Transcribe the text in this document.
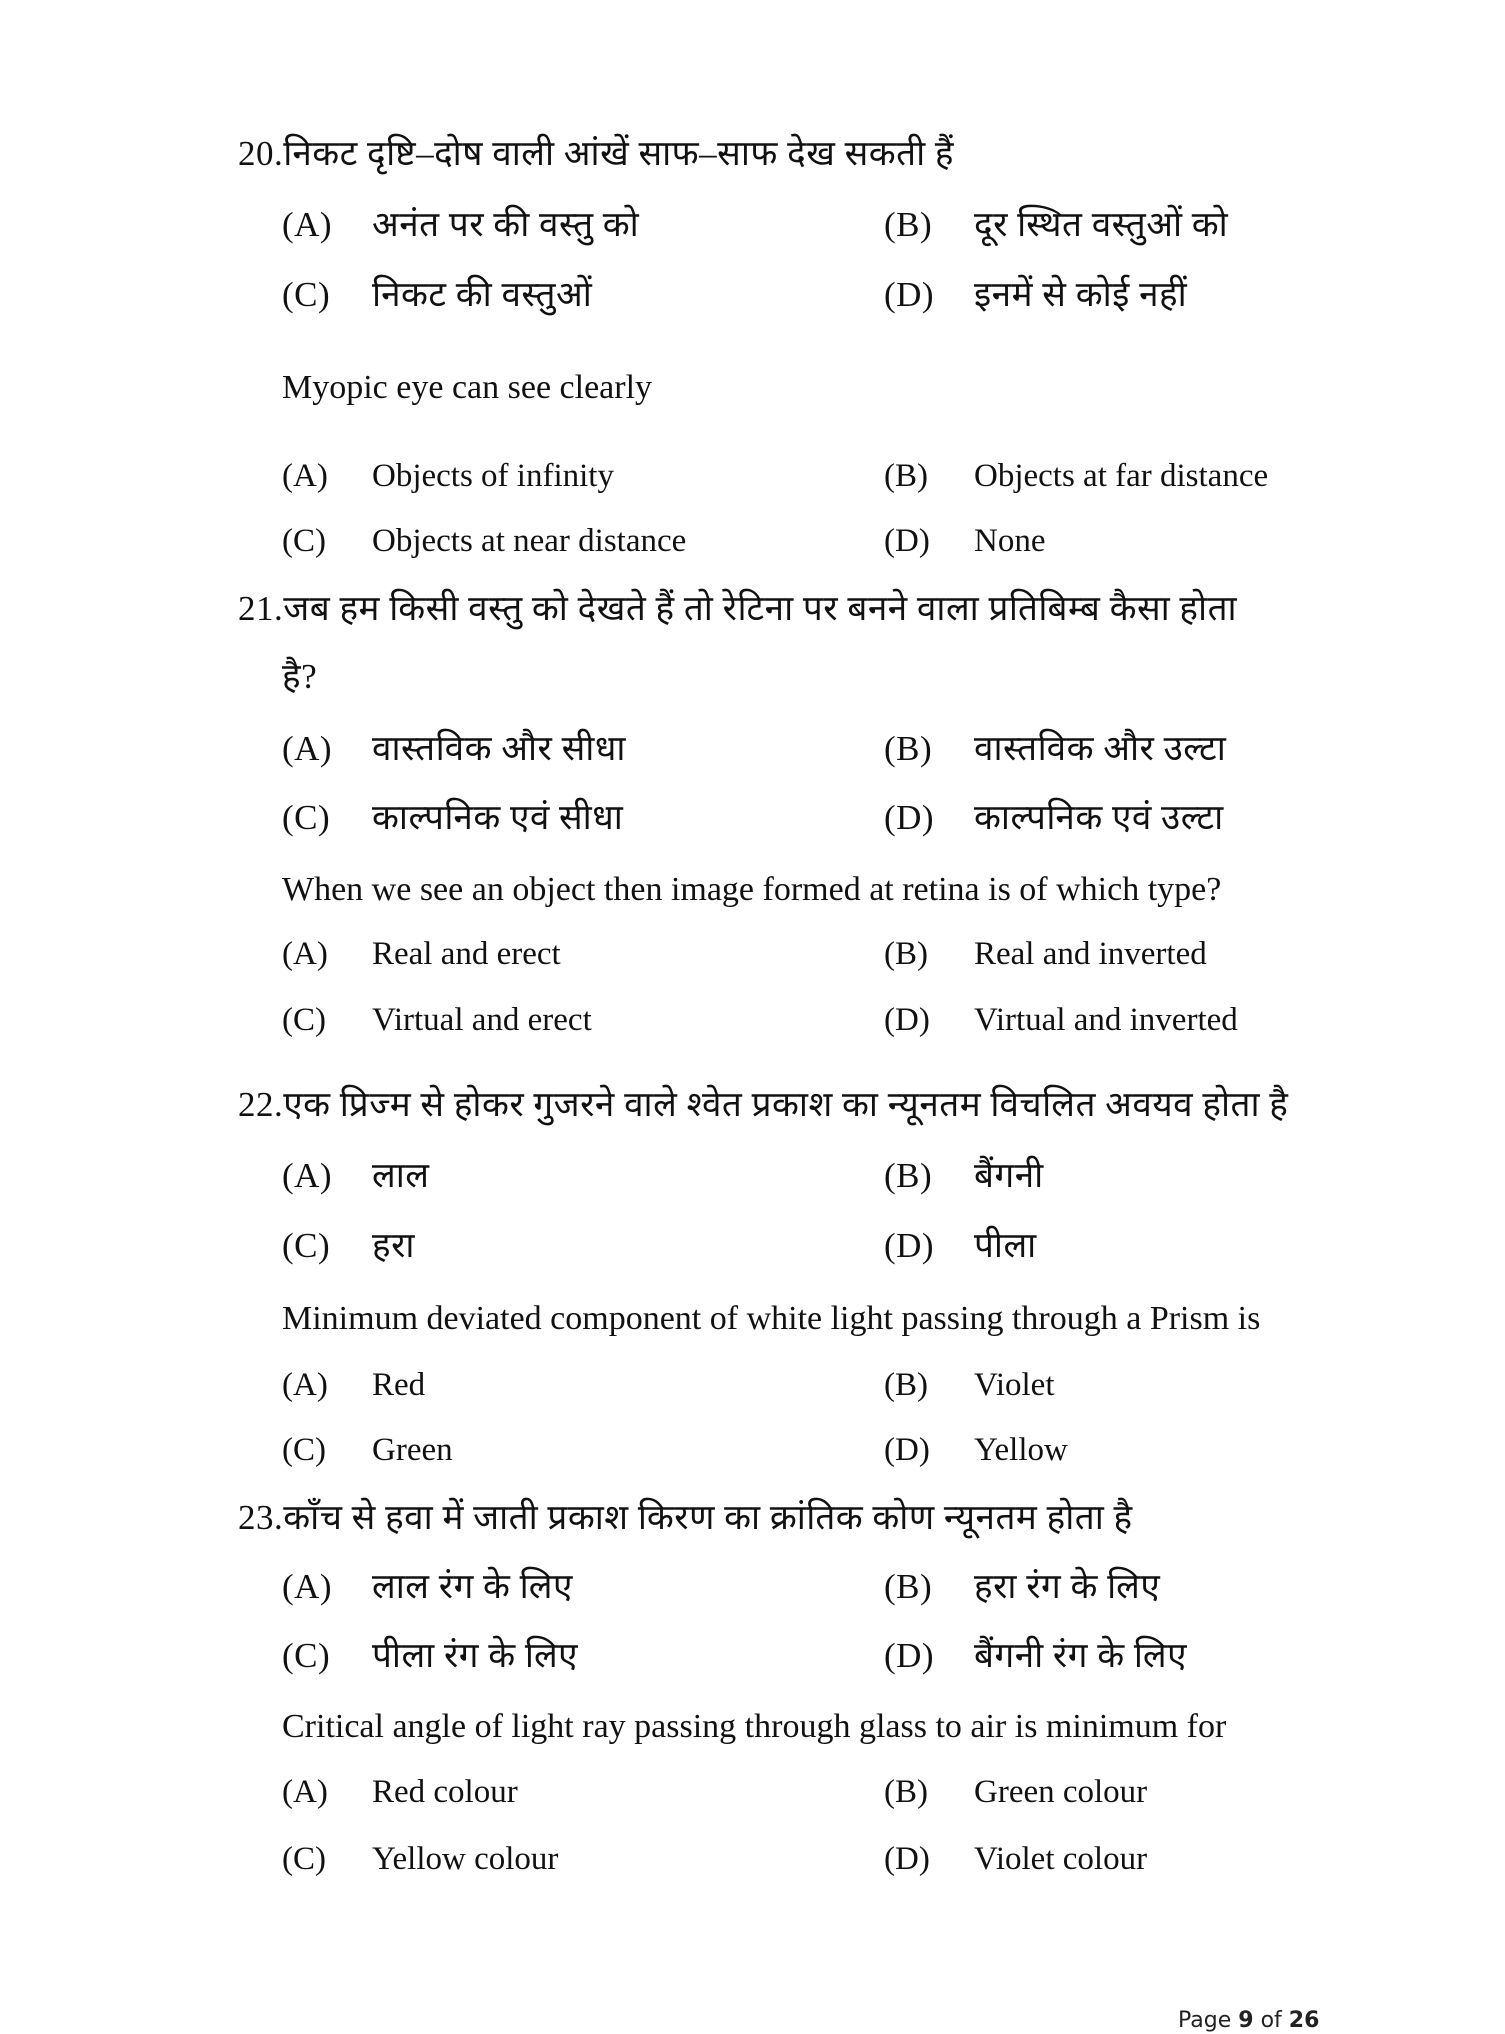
20.निकट दृष्टि–दोष वाली आंखें साफ–साफ देख सकती हैं
(A) अनंत पर की वस्तु को	(B) दूर स्थित वस्तुओं को
(C) निकट की वस्तुओं	(D) इनमें से कोई नहीं
Myopic eye can see clearly
(A) Objects of infinity	(B) Objects at far distance
(C) Objects at near distance	(D) None
21.जब हम किसी वस्तु को देखते हैं तो रेटिना पर बनने वाला प्रतिबिम्ब कैसा होता
है?
(A) वास्तविक और सीधा	(B) वास्तविक और उल्टा
(C) काल्पनिक एवं सीधा	(D) काल्पनिक एवं उल्टा
When we see an object then image formed at retina is of which type?
(A) Real and erect	(B) Real and inverted
(C) Virtual and erect	(D) Virtual and inverted
22.एक प्रिज्म से होकर गुजरने वाले श्वेत प्रकाश का न्यूनतम विचलित अवयव होता है
(A) लाल	(B) बैंगनी
(C) हरा	(D) पीला
Minimum deviated component of white light passing through a Prism is
(A) Red	(B) Violet
(C) Green	(D) Yellow
23.काँच से हवा में जाती प्रकाश किरण का क्रांतिक कोण न्यूनतम होता है
(A) लाल रंग के लिए	(B) हरा रंग के लिए
(C) पीला रंग के लिए	(D) बैंगनी रंग के लिए
Critical angle of light ray passing through glass to air is minimum for
(A) Red colour	(B) Green colour
(C) Yellow colour	(D) Violet colour
Page 9 of 26
